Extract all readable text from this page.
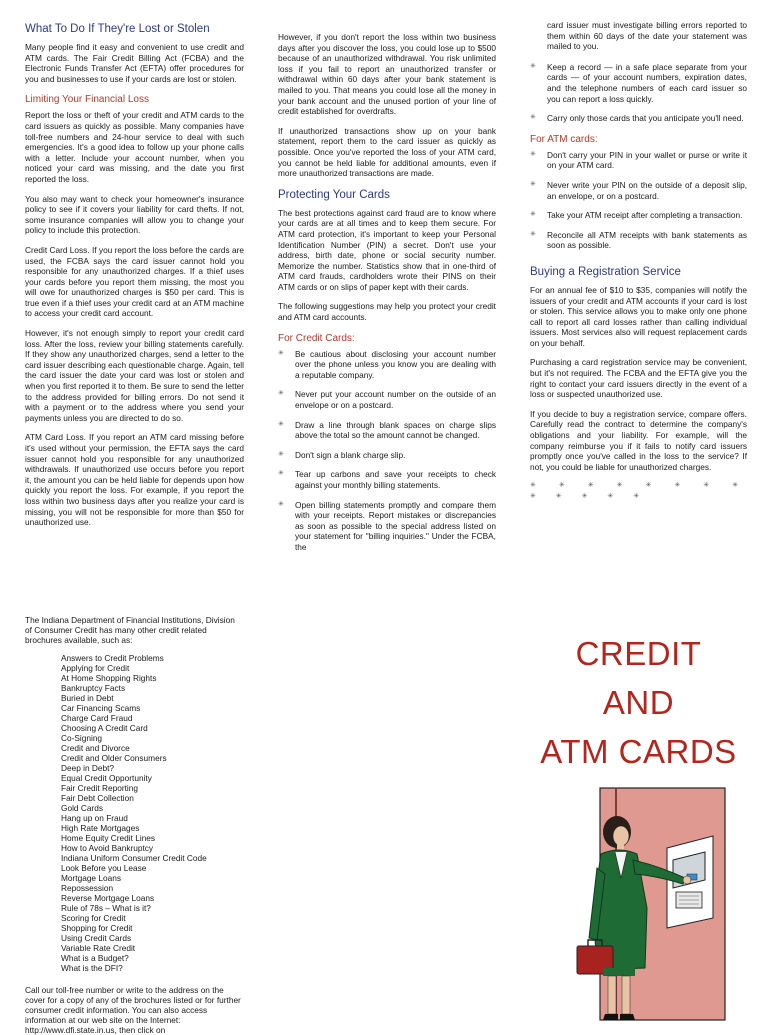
What To Do If They're Lost or Stolen

Many people find it easy and convenient to use credit and ATM cards. The Fair Credit Billing Act (FCBA) and the Electronic Funds Transfer Act (EFTA) offer procedures for you and businesses to use if your cards are lost or stolen.

Limiting Your Financial Loss

Report the loss or theft of your credit and ATM cards to the card issuers as quickly as possible. Many companies have toll-free numbers and 24-hour service to deal with such emergencies. It's a good idea to follow up your phone calls with a letter. Include your account number, when you noticed your card was missing, and the date you first reported the loss.

You also may want to check your homeowner's insurance policy to see if it covers your liability for card thefts. If not, some insurance companies will allow you to change your policy to include this protection.

Credit Card Loss. If you report the loss before the cards are used, the FCBA says the card issuer cannot hold you responsible for any unauthorized charges. If a thief uses your cards before you report them missing, the most you will owe for unauthorized charges is $50 per card. This is true even if a thief uses your credit card at an ATM machine to access your credit card account.

However, it's not enough simply to report your credit card loss. After the loss, review your billing statements carefully. If they show any unauthorized charges, send a letter to the card issuer describing each questionable charge. Again, tell the card issuer the date your card was lost or stolen and when you first reported it to them. Be sure to send the letter to the address provided for billing errors. Do not send it with a payment or to the address where you send your payments unless you are directed to do so.

ATM Card Loss. If you report an ATM card missing before it's used without your permission, the EFTA says the card issuer cannot hold you responsible for any unauthorized withdrawals. If unauthorized use occurs before you report it, the amount you can be held liable for depends upon how quickly you report the loss. For example, if you report the loss within two business days after you realize your card is missing, you will not be responsible for more than $50 for unauthorized use.

However, if you don't report the loss within two business days after you discover the loss, you could lose up to $500 because of an unauthorized withdrawal. You risk unlimited loss if you fail to report an unauthorized transfer or withdrawal within 60 days after your bank statement is mailed to you. That means you could lose all the money in your bank account and the unused portion of your line of credit established for overdrafts.

If unauthorized transactions show up on your bank statement, report them to the card issuer as quickly as possible. Once you've reported the loss of your ATM card, you cannot be held liable for additional amounts, even if more unauthorized transactions are made.

Protecting Your Cards

The best protections against card fraud are to know where your cards are at all times and to keep them secure. For ATM card protection, it's important to keep your Personal Identification Number (PIN) a secret. Don't use your address, birth date, phone or social security number. Memorize the number. Statistics show that in one-third of ATM card frauds, cardholders wrote their PINS on their ATM cards or on slips of paper kept with their cards.

The following suggestions may help you protect your credit and ATM card accounts.

For Credit Cards:
✳ Be cautious about disclosing your account number over the phone unless you know you are dealing with a reputable company.
✳ Never put your account number on the outside of an envelope or on a postcard.
✳ Draw a line through blank spaces on charge slips above the total so the amount cannot be changed.
✳ Don't sign a blank charge slip.
✳ Tear up carbons and save your receipts to check against your monthly billing statements.
✳ Open billing statements promptly and compare them with your receipts. Report mistakes or discrepancies as soon as possible to the special address listed on your statement for "billing inquiries." Under the FCBA, the
card issuer must investigate billing errors reported to them within 60 days of the date your statement was mailed to you.
✳ Keep a record — in a safe place separate from your cards — of your account numbers, expiration dates, and the telephone numbers of each card issuer so you can report a loss quickly.
✳ Carry only those cards that you anticipate you'll need.
For ATM cards:
✳ Don't carry your PIN in your wallet or purse or write it on your ATM card.
✳ Never write your PIN on the outside of a deposit slip, an envelope, or on a postcard.
✳ Take your ATM receipt after completing a transaction.
✳ Reconcile all ATM receipts with bank statements as soon as possible.
Buying a Registration Service

For an annual fee of $10 to $35, companies will notify the issuers of your credit and ATM accounts if your card is lost or stolen. This service allows you to make only one phone call to report all card losses rather than calling individual issuers. Most services also will request replacement cards on your behalf.

Purchasing a card registration service may be convenient, but it's not required. The FCBA and the EFTA give you the right to contact your card issuers directly in the event of a loss or suspected unauthorized use.

If you decide to buy a registration service, compare offers. Carefully read the contract to determine the company's obligations and your liability. For example, will the company reimburse you if it fails to notify card issuers promptly once you've called in the loss to the service? If not, you could be liable for unauthorized charges.

✳ ✳ ✳ ✳ ✳ ✳ ✳ ✳ ✳ ✳ ✳ ✳ ✳

The Indiana Department of Financial Institutions, Division of Consumer Credit has many other credit related brochures available, such as:

Answers to Credit Problems
Applying for Credit
At Home Shopping Rights
Bankruptcy Facts
Buried in Debt
Car Financing Scams
Charge Card Fraud
Choosing A Credit Card
Co-Signing
Credit and Divorce
Credit and Older Consumers
Deep in Debt?
Equal Credit Opportunity
Fair Credit Reporting
Fair Debt Collection
Gold Cards
Hang up on Fraud
High Rate Mortgages
Home Equity Credit Lines
How to Avoid Bankruptcy
Indiana Uniform Consumer Credit Code
Look Before you Lease
Mortgage Loans
Repossession
Reverse Mortgage Loans
Rule of 78s – What is it?
Scoring for Credit
Shopping for Credit
Using Credit Cards
Variable Rate Credit
What is a Budget?
What is the DFI?

Call our toll-free number or write to the address on the cover for a copy of any of the brochures listed or for further consumer credit information. You can also access information at our web site on the Internet: http://www.dfi.state.in.us, then click on

CREDIT
AND
ATM CARDS
